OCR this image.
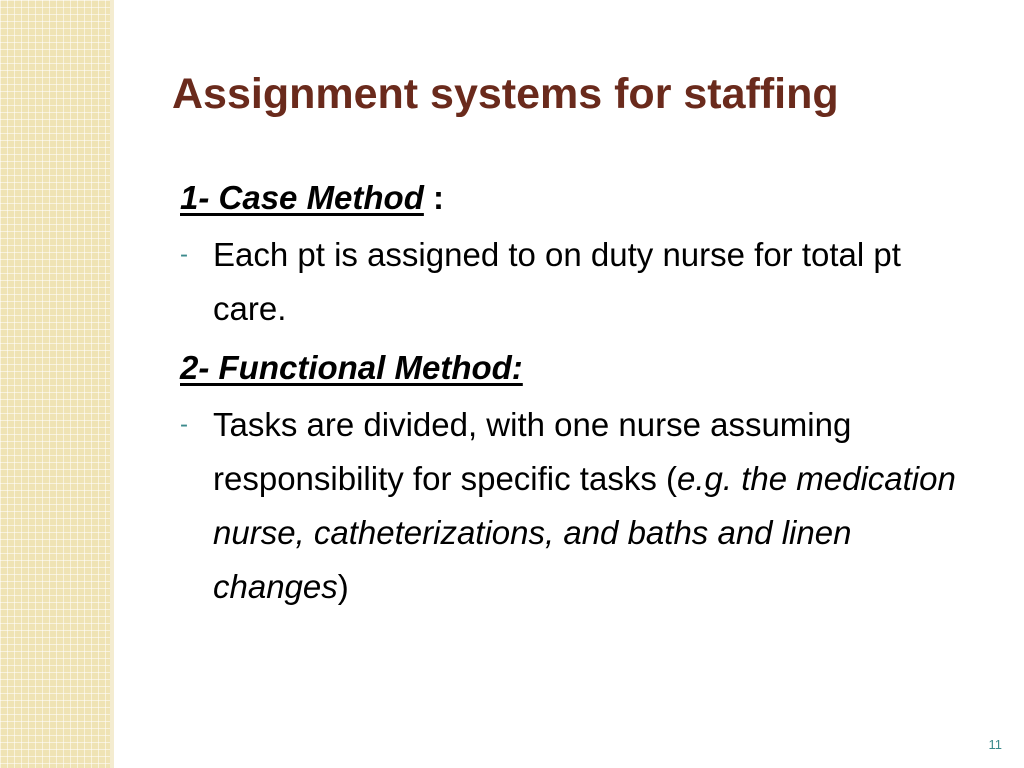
Assignment systems for staffing

1- Case Method :

- Each pt is assigned to on duty nurse for total pt care.

2- Functional Method:

- Tasks are divided, with one nurse assuming responsibility for specific tasks (e.g. the medication nurse, catheterizations, and baths and linen changes)
11
